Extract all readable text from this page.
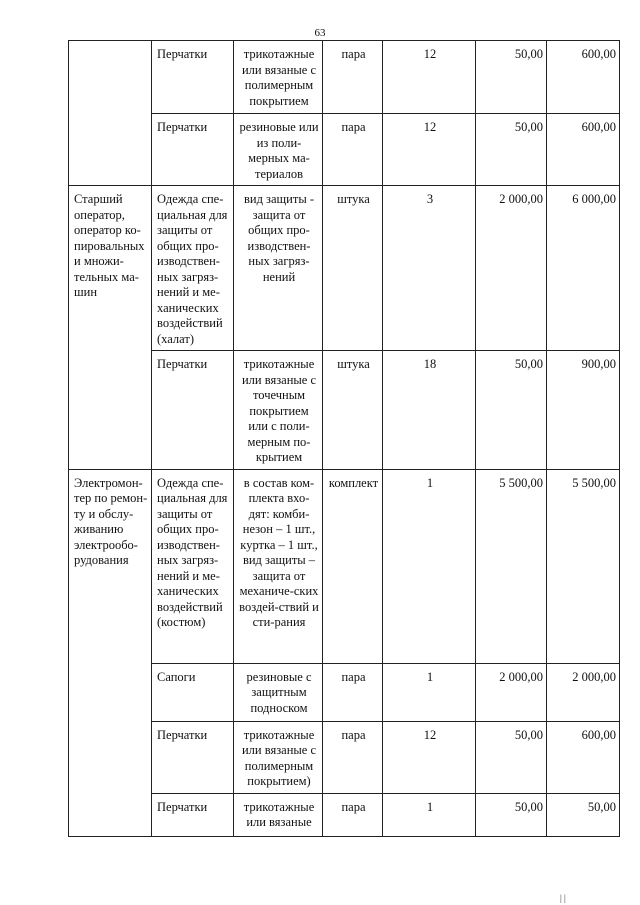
63
	Перчатки	трикотажные или вязаные с полимерным покрытием	пара	12	50,00	600,00
	Перчатки	резиновые или из поли-мерных ма-териалов	пара	12	50,00	600,00
Старший оператор, оператор ко-пировальных и множи-тельных ма-шин	Одежда спе-циальная для защиты от общих про-изводствен-ных загряз-нений и ме-ханических воздействий (халат)	вид защиты - защита от общих про-изводствен-ных загряз-нений	штука	3	2 000,00	6 000,00
	Перчатки	трикотажные или вязаные с точечным покрытием или с поли-мерным по-крытием	штука	18	50,00	900,00
Электромон-тер по ремон-ту и обслу-живанию электрообо-рудования	Одежда спе-циальная для защиты от общих про-изводствен-ных загряз-нений и ме-ханических воздействий (костюм)	в состав ком-плекта вхо-дят: комби-незон – 1 шт., куртка – 1 шт., вид защиты – защита от механиче-ских воздей-ствий и сти-рания	комплект	1	5 500,00	5 500,00
	Сапоги	резиновые с защитным подноском	пара	1	2 000,00	2 000,00
	Перчатки	трикотажные или вязаные с полимерным покрытием)	пара	12	50,00	600,00
	Перчатки	трикотажные или вязаные	пара	1	50,00	50,00
| |
